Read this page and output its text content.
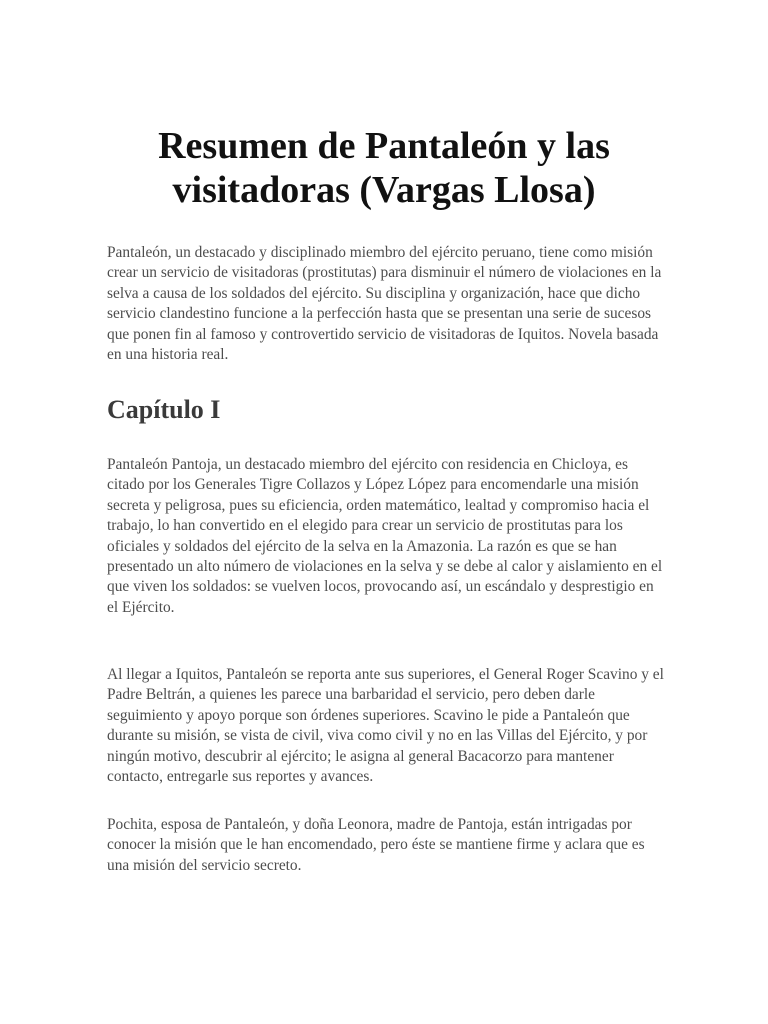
Resumen de Pantaleón y las visitadoras (Vargas Llosa)

Pantaleón, un destacado y disciplinado miembro del ejército peruano, tiene como misión crear un servicio de visitadoras (prostitutas) para disminuir el número de violaciones en la selva a causa de los soldados del ejército. Su disciplina y organización, hace que dicho servicio clandestino funcione a la perfección hasta que se presentan una serie de sucesos que ponen fin al famoso y controvertido servicio de visitadoras de Iquitos. Novela basada en una historia real.

Capítulo I

Pantaleón Pantoja, un destacado miembro del ejército con residencia en Chicloya, es citado por los Generales Tigre Collazos y López López para encomendarle una misión secreta y peligrosa, pues su eficiencia, orden matemático, lealtad y compromiso hacia el trabajo, lo han convertido en el elegido para crear un servicio de prostitutas para los oficiales y soldados del ejército de la selva en la Amazonia. La razón es que se han presentado un alto número de violaciones en la selva y se debe al calor y aislamiento en el que viven los soldados: se vuelven locos, provocando así, un escándalo y desprestigio en el Ejército.

Al llegar a Iquitos, Pantaleón se reporta ante sus superiores, el General Roger Scavino y el Padre Beltrán, a quienes les parece una barbaridad el servicio, pero deben darle seguimiento y apoyo porque son órdenes superiores. Scavino le pide a Pantaleón que durante su misión, se vista de civil, viva como civil y no en las Villas del Ejército, y por ningún motivo, descubrir al ejército; le asigna al general Bacacorzo para mantener contacto, entregarle sus reportes y avances.

Pochita, esposa de Pantaleón, y doña Leonora, madre de Pantoja, están intrigadas por conocer la misión que le han encomendado, pero éste se mantiene firme y aclara que es una misión del servicio secreto.
